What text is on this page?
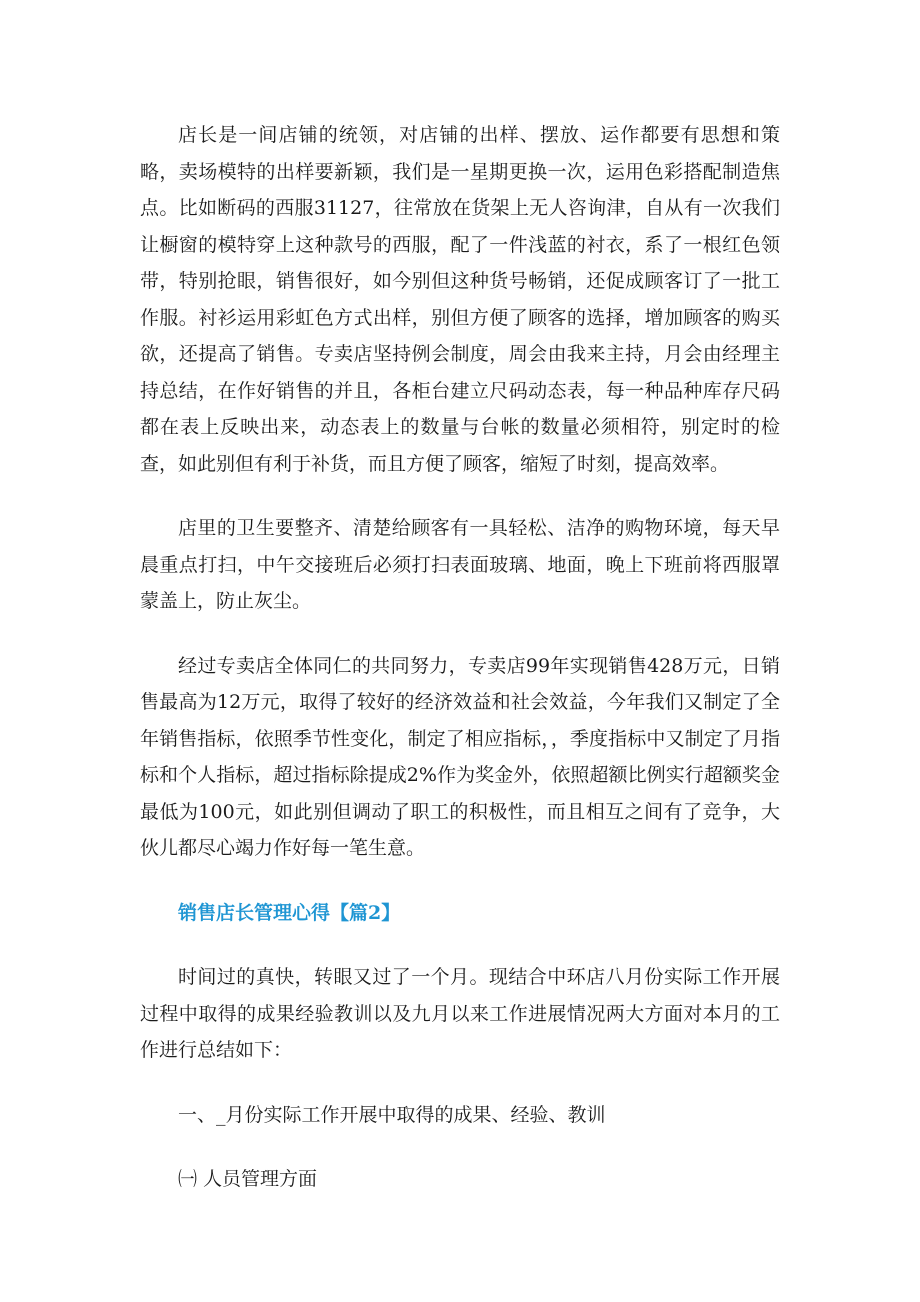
店长是一间店铺的统领，对店铺的出样、摆放、运作都要有思想和策略，卖场模特的出样要新颖，我们是一星期更换一次，运用色彩搭配制造焦点。比如断码的西服31127，往常放在货架上无人咨询津，自从有一次我们让橱窗的模特穿上这种款号的西服，配了一件浅蓝的衬衣，系了一根红色领带，特别抢眼，销售很好，如今别但这种货号畅销，还促成顾客订了一批工作服。衬衫运用彩虹色方式出样，别但方便了顾客的选择，增加顾客的购买欲，还提高了销售。专卖店坚持例会制度，周会由我来主持，月会由经理主持总结，在作好销售的并且，各柜台建立尺码动态表，每一种品种库存尺码都在表上反映出来，动态表上的数量与台帐的数量必须相符，别定时的检查，如此别但有利于补货，而且方便了顾客，缩短了时刻，提高效率。

店里的卫生要整齐、清楚给顾客有一具轻松、洁净的购物环境，每天早晨重点打扫，中午交接班后必须打扫表面玻璃、地面，晚上下班前将西服罩蒙盖上，防止灰尘。

经过专卖店全体同仁的共同努力，专卖店99年实现销售428万元，日销售最高为12万元，取得了较好的经济效益和社会效益，今年我们又制定了全年销售指标，依照季节性变化，制定了相应指标，，季度指标中又制定了月指标和个人指标，超过指标除提成2%作为奖金外，依照超额比例实行超额奖金最低为100元，如此别但调动了职工的积极性，而且相互之间有了竞争，大伙儿都尽心竭力作好每一笔生意。

销售店长管理心得【篇2】

时间过的真快，转眼又过了一个月。现结合中环店八月份实际工作开展过程中取得的成果经验教训以及九月以来工作进展情况两大方面对本月的工作进行总结如下：

一、_月份实际工作开展中取得的成果、经验、教训

㈠ 人员管理方面
